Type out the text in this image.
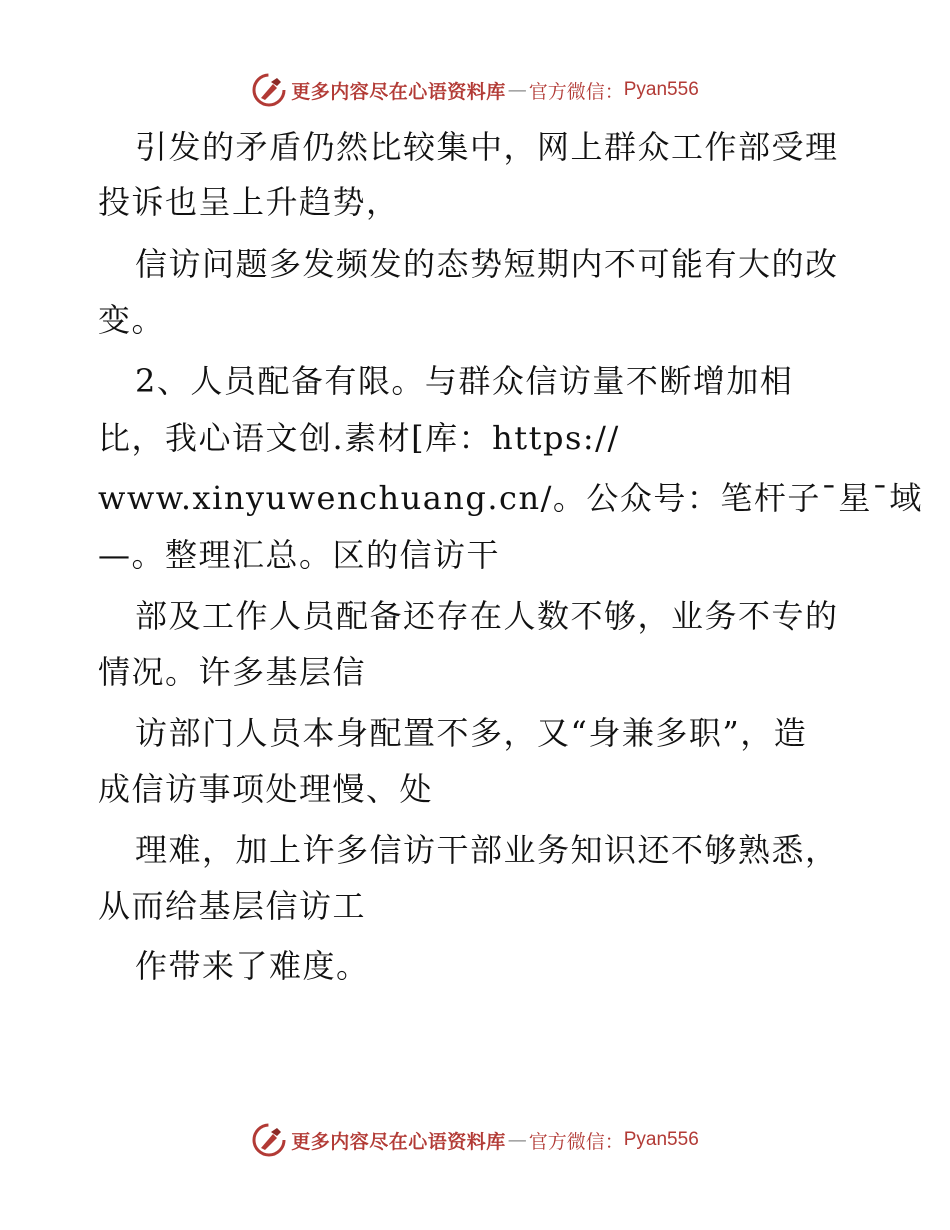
更多内容尽在心语资料库 — 官方微信： Pyan556
引发的矛盾仍然比较集中，网上群众工作部受理
投诉也呈上升趋势，
信访问题多发频发的态势短期内不可能有大的改
变。
2、人员配备有限。与群众信访量不断增加相
比，我心语文创.素材[库：https://
www.xinyuwenchuang.cn/。公众号：笔杆子¯星¯域
—。整理汇总。区的信访干
部及工作人员配备还存在人数不够，业务不专的
情况。许多基层信
访部门人员本身配置不多，又“身兼多职”，造
成信访事项处理慢、处
理难，加上许多信访干部业务知识还不够熟悉，
从而给基层信访工
作带来了难度。
更多内容尽在心语资料库 — 官方微信： Pyan556
